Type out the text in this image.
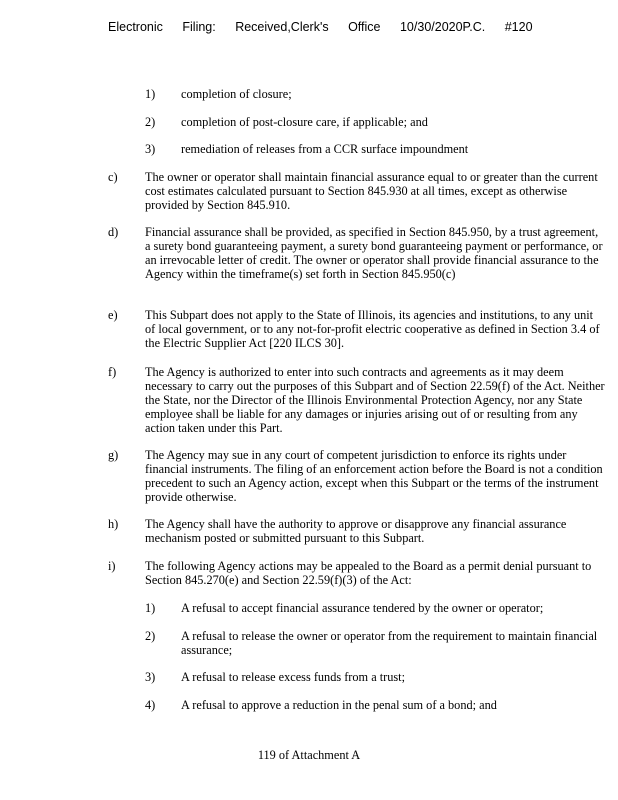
Electronic Filing: Received,Clerk's Office 10/30/2020P.C. #120
1) completion of closure;
2) completion of post-closure care, if applicable; and
3) remediation of releases from a CCR surface impoundment
c) The owner or operator shall maintain financial assurance equal to or greater than the current cost estimates calculated pursuant to Section 845.930 at all times, except as otherwise provided by Section 845.910.
d) Financial assurance shall be provided, as specified in Section 845.950, by a trust agreement, a surety bond guaranteeing payment, a surety bond guaranteeing payment or performance, or an irrevocable letter of credit. The owner or operator shall provide financial assurance to the Agency within the timeframe(s) set forth in Section 845.950(c)
e) This Subpart does not apply to the State of Illinois, its agencies and institutions, to any unit of local government, or to any not-for-profit electric cooperative as defined in Section 3.4 of the Electric Supplier Act [220 ILCS 30].
f) The Agency is authorized to enter into such contracts and agreements as it may deem necessary to carry out the purposes of this Subpart and of Section 22.59(f) of the Act. Neither the State, nor the Director of the Illinois Environmental Protection Agency, nor any State employee shall be liable for any damages or injuries arising out of or resulting from any action taken under this Part.
g) The Agency may sue in any court of competent jurisdiction to enforce its rights under financial instruments. The filing of an enforcement action before the Board is not a condition precedent to such an Agency action, except when this Subpart or the terms of the instrument provide otherwise.
h) The Agency shall have the authority to approve or disapprove any financial assurance mechanism posted or submitted pursuant to this Subpart.
i) The following Agency actions may be appealed to the Board as a permit denial pursuant to Section 845.270(e) and Section 22.59(f)(3) of the Act:
1) A refusal to accept financial assurance tendered by the owner or operator;
2) A refusal to release the owner or operator from the requirement to maintain financial assurance;
3) A refusal to release excess funds from a trust;
4) A refusal to approve a reduction in the penal sum of a bond; and
119 of Attachment A
